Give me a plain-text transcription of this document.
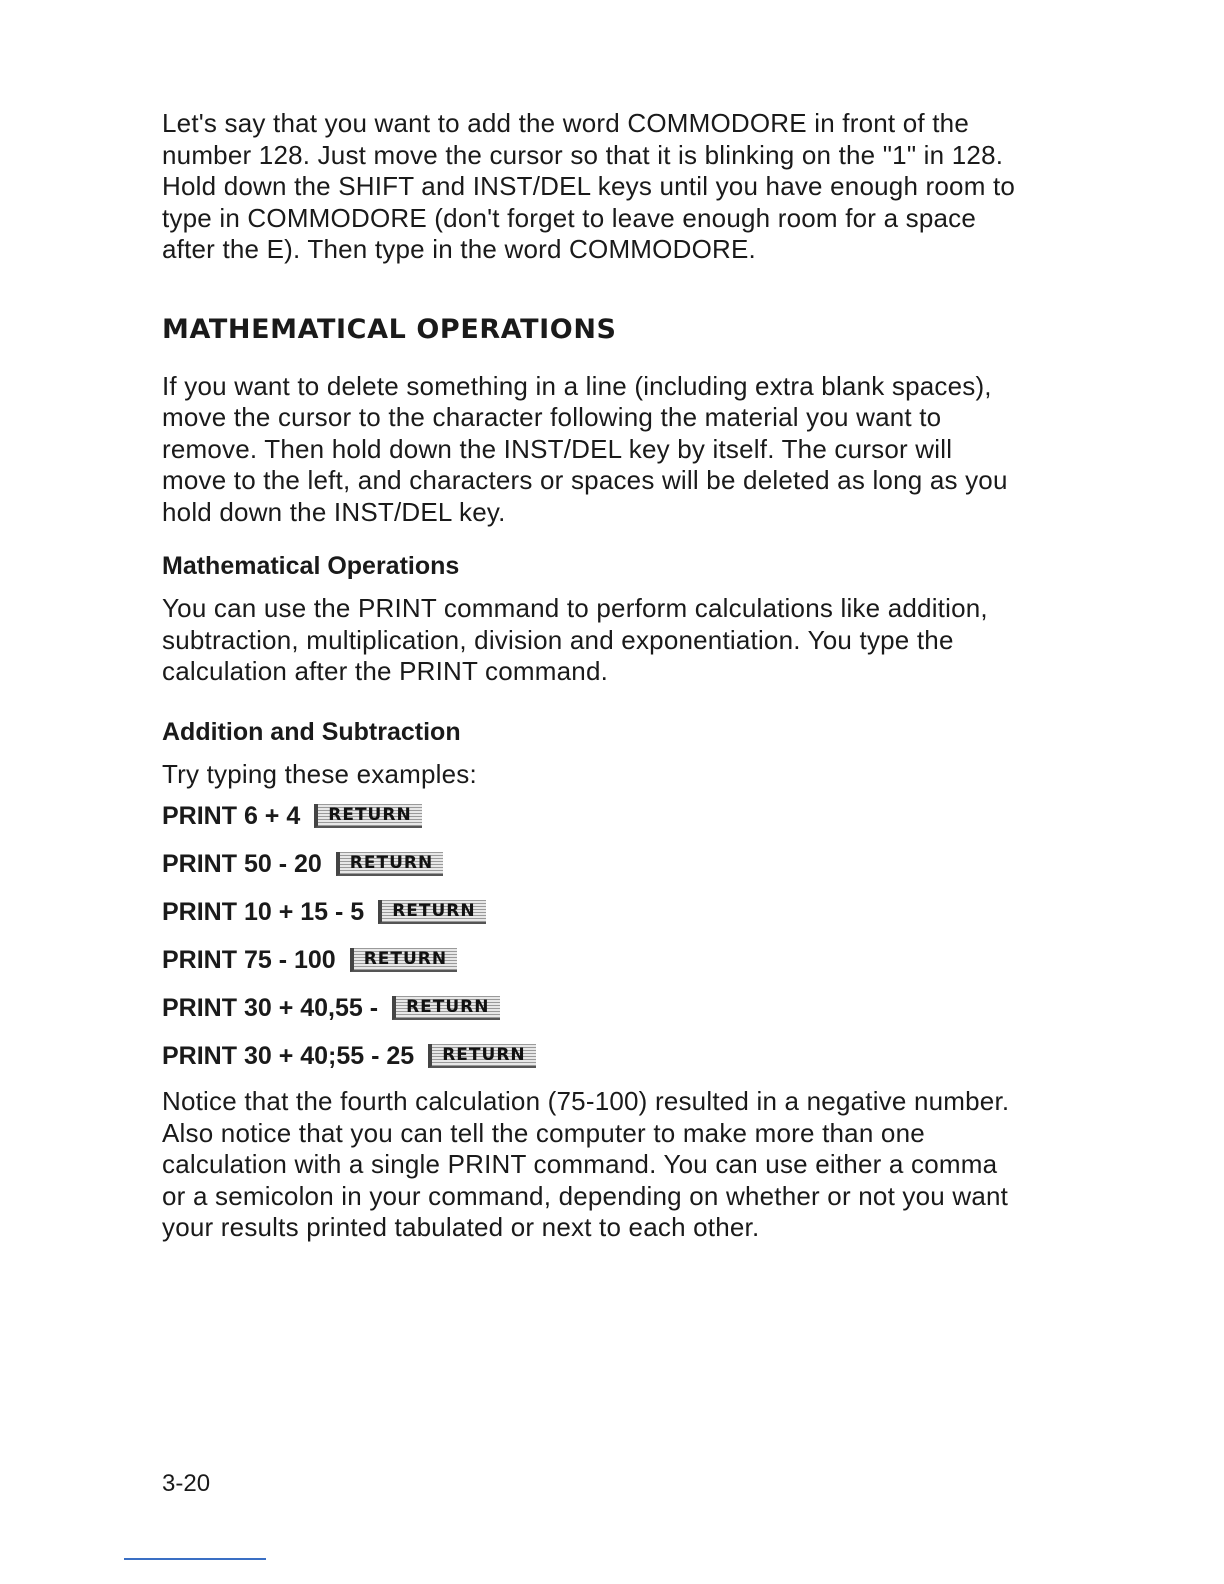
Let's say that you want to add the word COMMODORE in front of the number 128. Just move the cursor so that it is blinking on the "1" in 128. Hold down the SHIFT and INST/DEL keys until you have enough room to type in COMMODORE (don't forget to leave enough room for a space after the E). Then type in the word COMMODORE.

MATHEMATICAL OPERATIONS

If you want to delete something in a line (including extra blank spaces), move the cursor to the character following the material you want to remove. Then hold down the INST/DEL key by itself. The cursor will move to the left, and characters or spaces will be deleted as long as you hold down the INST/DEL key.

Mathematical Operations

You can use the PRINT command to perform calculations like addition, subtraction, multiplication, division and exponentiation. You type the calculation after the PRINT command.

Addition and Subtraction

Try typing these examples:

PRINT 6 + 4	RETURN
PRINT 50 - 20	RETURN
PRINT 10 + 15 - 5	RETURN
PRINT 75 - 100	RETURN
PRINT 30 + 40,55 -	RETURN
PRINT 30 + 40;55 - 25	RETURN

Notice that the fourth calculation (75-100) resulted in a negative number. Also notice that you can tell the computer to make more than one calculation with a single PRINT command. You can use either a comma or a semicolon in your command, depending on whether or not you want your results printed tabulated or next to each other.

3-20
